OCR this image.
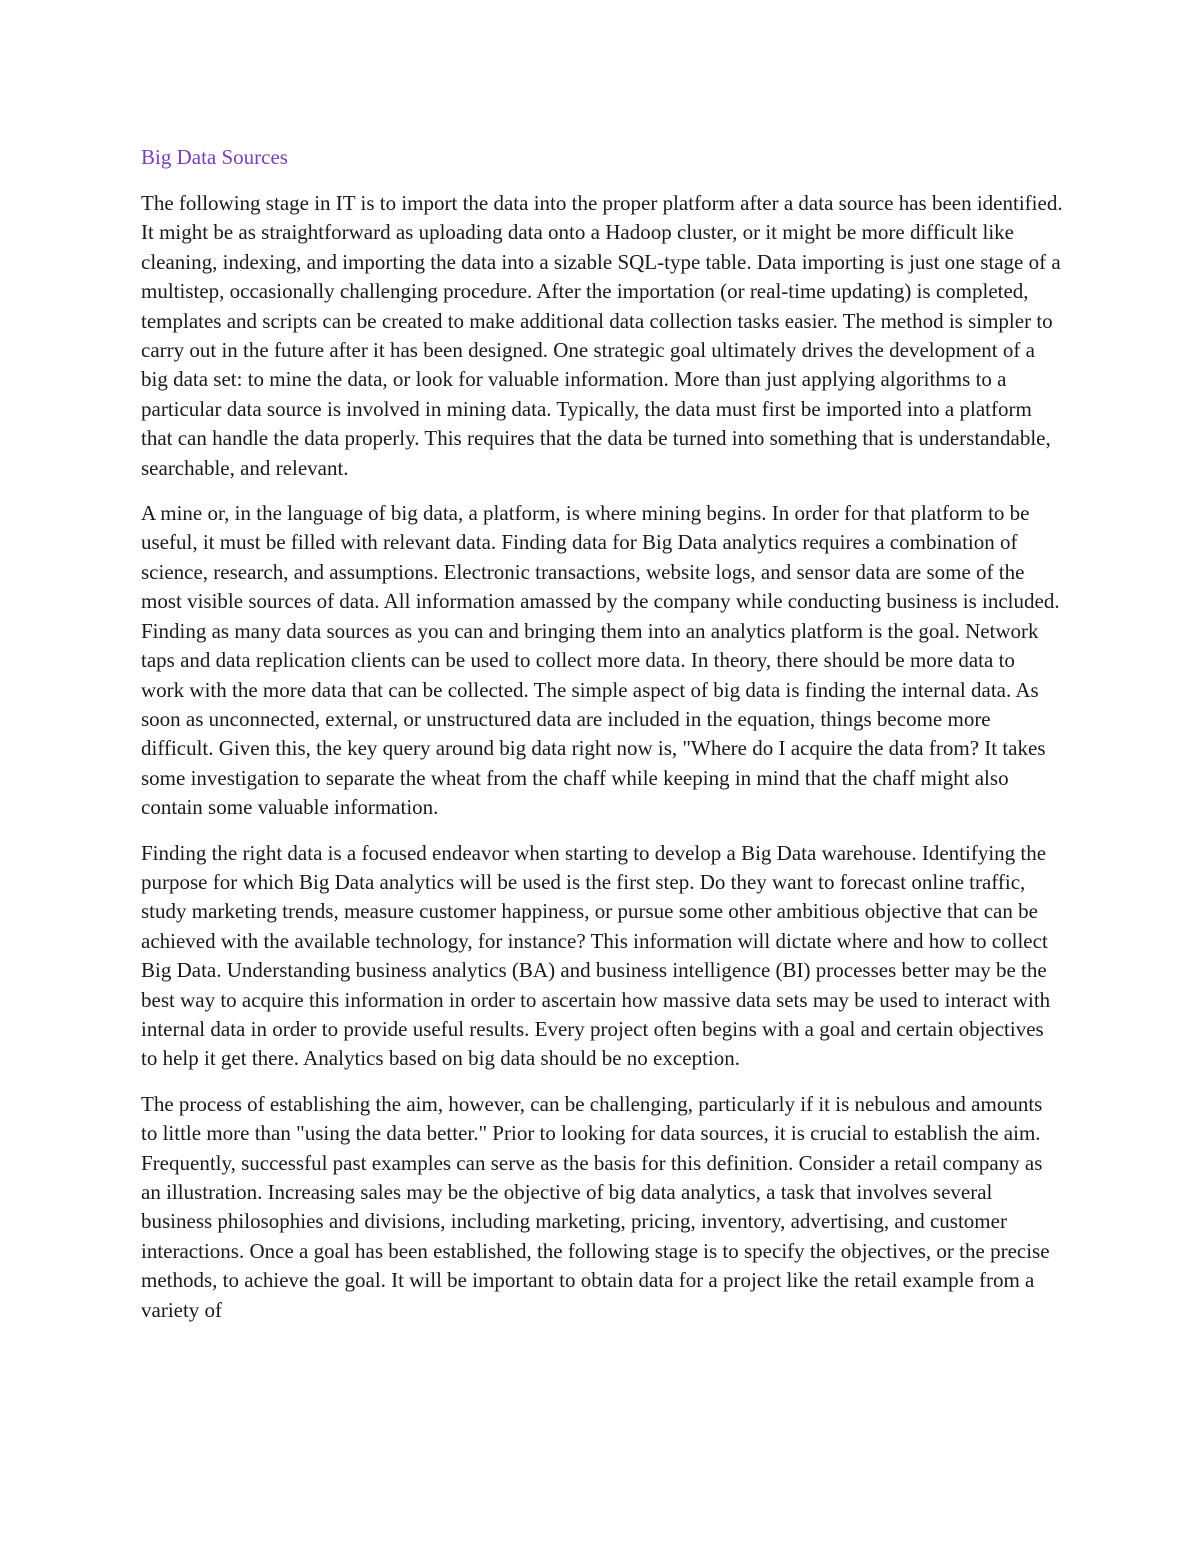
Big Data Sources

The following stage in IT is to import the data into the proper platform after a data source has been identified. It might be as straightforward as uploading data onto a Hadoop cluster, or it might be more difficult like cleaning, indexing, and importing the data into a sizable SQL-type table. Data importing is just one stage of a multistep, occasionally challenging procedure. After the importation (or real-time updating) is completed, templates and scripts can be created to make additional data collection tasks easier. The method is simpler to carry out in the future after it has been designed. One strategic goal ultimately drives the development of a big data set: to mine the data, or look for valuable information. More than just applying algorithms to a particular data source is involved in mining data. Typically, the data must first be imported into a platform that can handle the data properly. This requires that the data be turned into something that is understandable, searchable, and relevant.

A mine or, in the language of big data, a platform, is where mining begins. In order for that platform to be useful, it must be filled with relevant data. Finding data for Big Data analytics requires a combination of science, research, and assumptions. Electronic transactions, website logs, and sensor data are some of the most visible sources of data. All information amassed by the company while conducting business is included. Finding as many data sources as you can and bringing them into an analytics platform is the goal. Network taps and data replication clients can be used to collect more data. In theory, there should be more data to work with the more data that can be collected. The simple aspect of big data is finding the internal data. As soon as unconnected, external, or unstructured data are included in the equation, things become more difficult. Given this, the key query around big data right now is, "Where do I acquire the data from? It takes some investigation to separate the wheat from the chaff while keeping in mind that the chaff might also contain some valuable information.

Finding the right data is a focused endeavor when starting to develop a Big Data warehouse. Identifying the purpose for which Big Data analytics will be used is the first step. Do they want to forecast online traffic, study marketing trends, measure customer happiness, or pursue some other ambitious objective that can be achieved with the available technology, for instance? This information will dictate where and how to collect Big Data. Understanding business analytics (BA) and business intelligence (BI) processes better may be the best way to acquire this information in order to ascertain how massive data sets may be used to interact with internal data in order to provide useful results. Every project often begins with a goal and certain objectives to help it get there. Analytics based on big data should be no exception.

The process of establishing the aim, however, can be challenging, particularly if it is nebulous and amounts to little more than "using the data better." Prior to looking for data sources, it is crucial to establish the aim. Frequently, successful past examples can serve as the basis for this definition. Consider a retail company as an illustration. Increasing sales may be the objective of big data analytics, a task that involves several business philosophies and divisions, including marketing, pricing, inventory, advertising, and customer interactions. Once a goal has been established, the following stage is to specify the objectives, or the precise methods, to achieve the goal. It will be important to obtain data for a project like the retail example from a variety of
